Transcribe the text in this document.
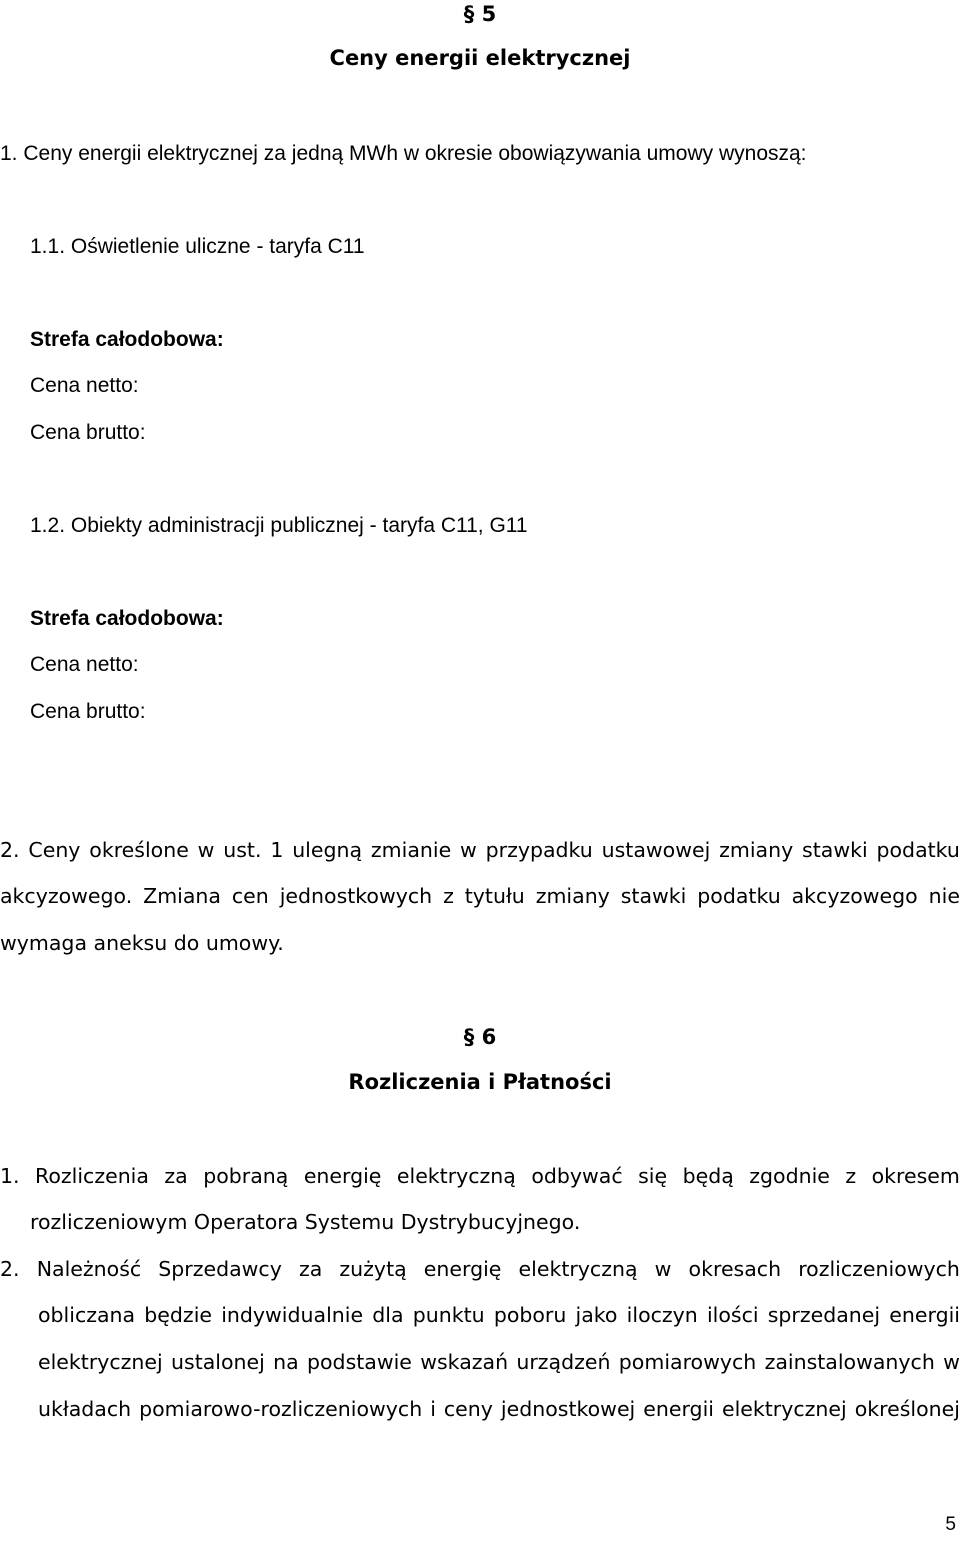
§ 5
Ceny energii elektrycznej
1. Ceny energii elektrycznej za jedną MWh w okresie obowiązywania umowy wynoszą:
1.1. Oświetlenie uliczne - taryfa C11
Strefa całodobowa:
Cena netto:
Cena brutto:
1.2. Obiekty administracji publicznej - taryfa C11, G11
Strefa całodobowa:
Cena netto:
Cena brutto:
2. Ceny określone w ust. 1 ulegną zmianie w przypadku ustawowej zmiany stawki podatku
akcyzowego. Zmiana cen jednostkowych z tytułu zmiany stawki podatku akcyzowego nie
wymaga aneksu do umowy.
§ 6
Rozliczenia i Płatności
1. Rozliczenia za pobraną energię elektryczną odbywać się będą zgodnie z okresem
rozliczeniowym Operatora Systemu Dystrybucyjnego.
2. Należność Sprzedawcy za zużytą energię elektryczną w okresach rozliczeniowych
obliczana będzie indywidualnie dla punktu poboru jako iloczyn ilości sprzedanej energii
elektrycznej ustalonej na podstawie wskazań urządzeń pomiarowych zainstalowanych w
układach pomiarowo-rozliczeniowych i ceny jednostkowej energii elektrycznej określonej
5
